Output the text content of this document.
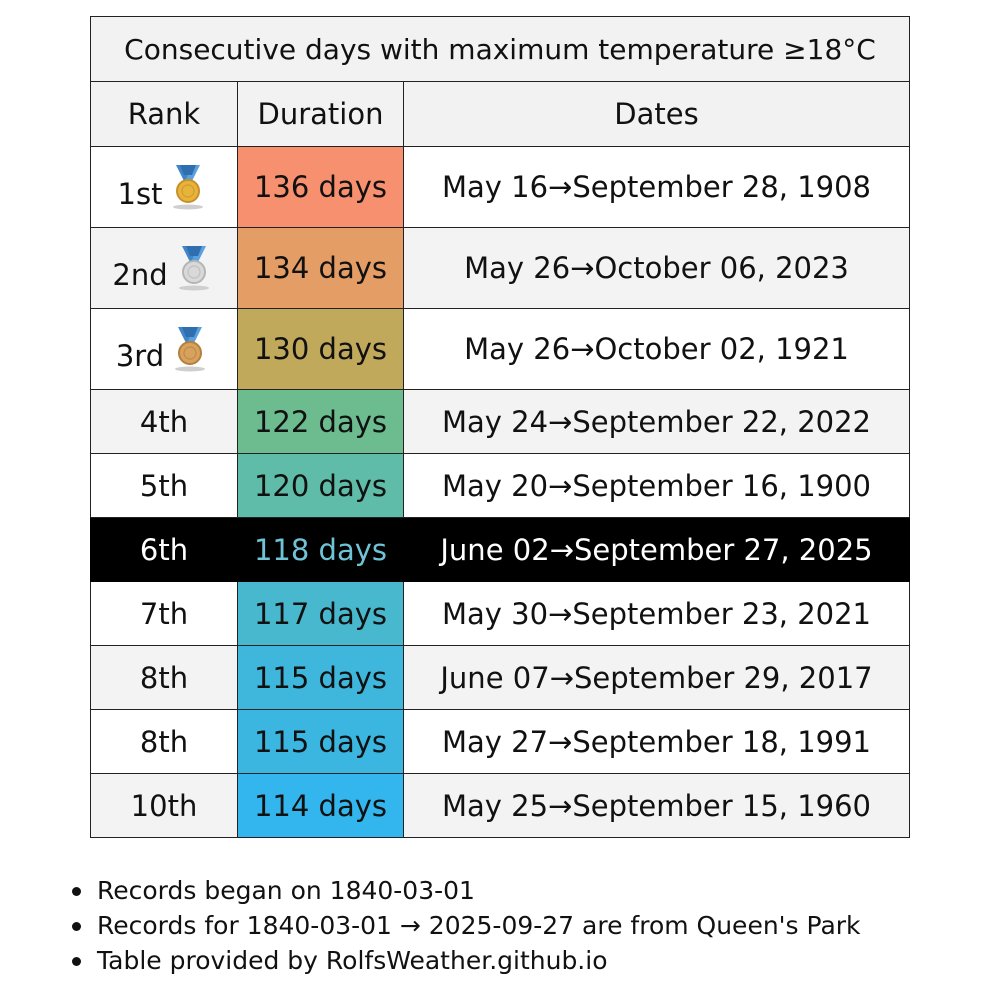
Consecutive days with maximum temperature ≥18°C		
Rank	Duration	Dates

1st	136 days	May 16→September 28, 1908

2nd	134 days	May 26→October 06, 2023

3rd	130 days	May 26→October 02, 1921
4th	122 days	May 24→September 22, 2022
5th	120 days	May 20→September 16, 1900
6th	118 days	June 02→September 27, 2025
7th	117 days	May 30→September 23, 2021
8th	115 days	June 07→September 29, 2017
8th	115 days	May 27→September 18, 1991
10th	114 days	May 25→September 15, 1960
Records began on 1840-03-01
Records for 1840-03-01 → 2025-09-27 are from Queen's Park
Table provided by RolfsWeather.github.io
